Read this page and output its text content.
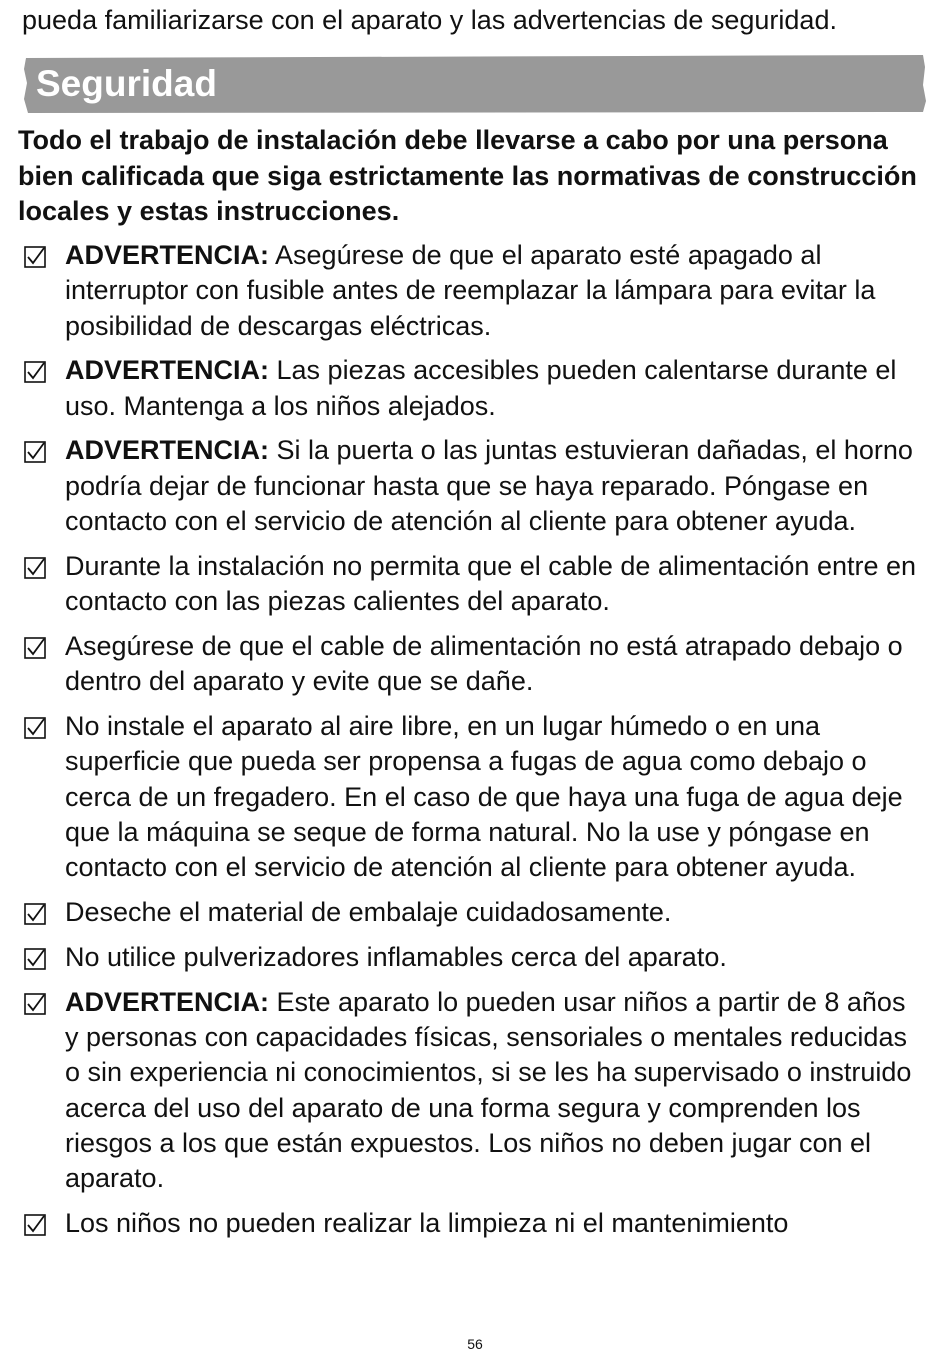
pueda familiarizarse con el aparato y las advertencias de seguridad.

Seguridad

Todo el trabajo de instalación debe llevarse a cabo por una persona bien calificada que siga estrictamente las normativas de construcción locales y estas instrucciones.

ADVERTENCIA: Asegúrese de que el aparato esté apagado al interruptor con fusible antes de reemplazar la lámpara para evitar la posibilidad de descargas eléctricas.
ADVERTENCIA: Las piezas accesibles pueden calentarse durante el uso. Mantenga a los niños alejados.
ADVERTENCIA: Si la puerta o las juntas estuvieran dañadas, el horno podría dejar de funcionar hasta que se haya reparado. Póngase en contacto con el servicio de atención al cliente para obtener ayuda.
Durante la instalación no permita que el cable de alimentación entre en contacto con las piezas calientes del aparato.
Asegúrese de que el cable de alimentación no está atrapado debajo o dentro del aparato y evite que se dañe.
No instale el aparato al aire libre, en un lugar húmedo o en una superficie que pueda ser propensa a fugas de agua como debajo o cerca de un fregadero. En el caso de que haya una fuga de agua deje que la máquina se seque de forma natural. No la use y póngase en contacto con el servicio de atención al cliente para obtener ayuda.
Deseche el material de embalaje cuidadosamente.
No utilice pulverizadores inflamables cerca del aparato.
ADVERTENCIA: Este aparato lo pueden usar niños a partir de 8 años y personas con capacidades físicas, sensoriales o mentales reducidas o sin experiencia ni conocimientos, si se les ha supervisado o instruido acerca del uso del aparato de una forma segura y comprenden los riesgos a los que están expuestos. Los niños no deben jugar con el aparato.
Los niños no pueden realizar la limpieza ni el mantenimiento

56
